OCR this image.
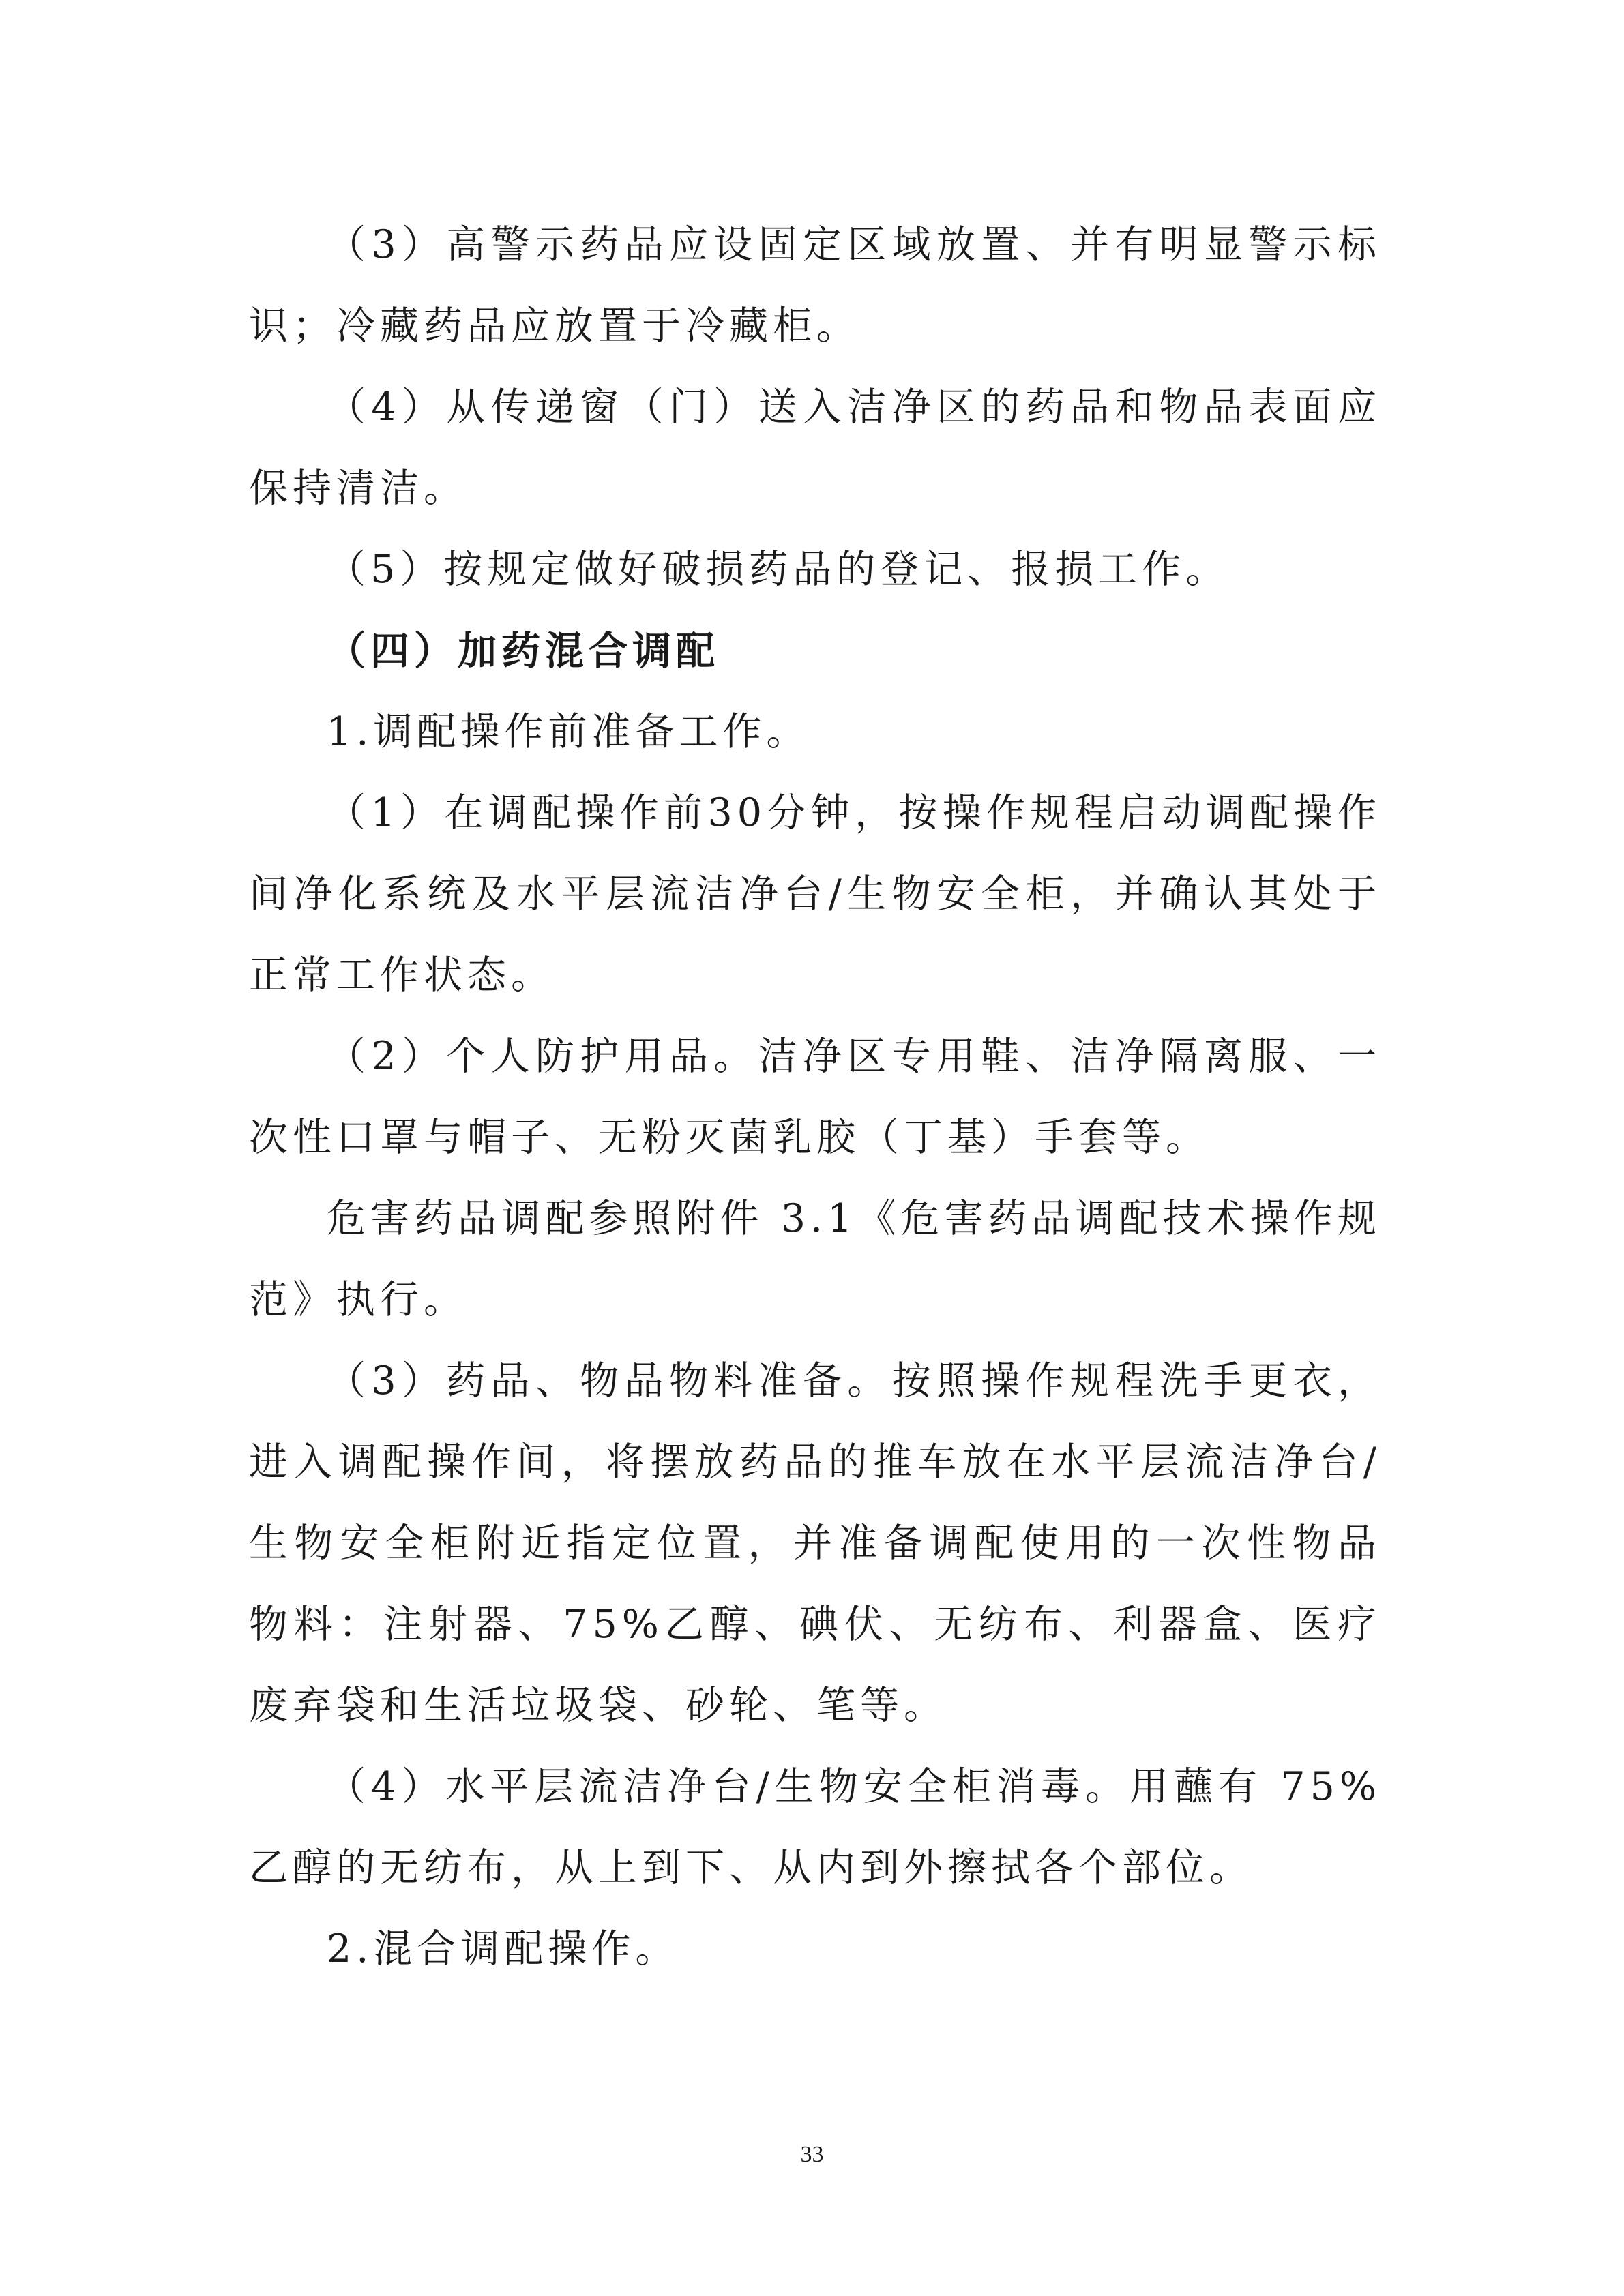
（3）高警示药品应设固定区域放置、并有明显警示标识；冷藏药品应放置于冷藏柜。

（4）从传递窗（门）送入洁净区的药品和物品表面应保持清洁。

（5）按规定做好破损药品的登记、报损工作。

（四）加药混合调配

1.调配操作前准备工作。

（1）在调配操作前30分钟，按操作规程启动调配操作间净化系统及水平层流洁净台/生物安全柜，并确认其处于正常工作状态。

（2）个人防护用品。洁净区专用鞋、洁净隔离服、一次性口罩与帽子、无粉灭菌乳胶（丁基）手套等。

危害药品调配参照附件 3.1《危害药品调配技术操作规范》执行。

（3）药品、物品物料准备。按照操作规程洗手更衣，进入调配操作间，将摆放药品的推车放在水平层流洁净台/生物安全柜附近指定位置，并准备调配使用的一次性物品物料：注射器、75%乙醇、碘伏、无纺布、利器盒、医疗废弃袋和生活垃圾袋、砂轮、笔等。

（4）水平层流洁净台/生物安全柜消毒。用蘸有 75%乙醇的无纺布，从上到下、从内到外擦拭各个部位。

2.混合调配操作。

33
